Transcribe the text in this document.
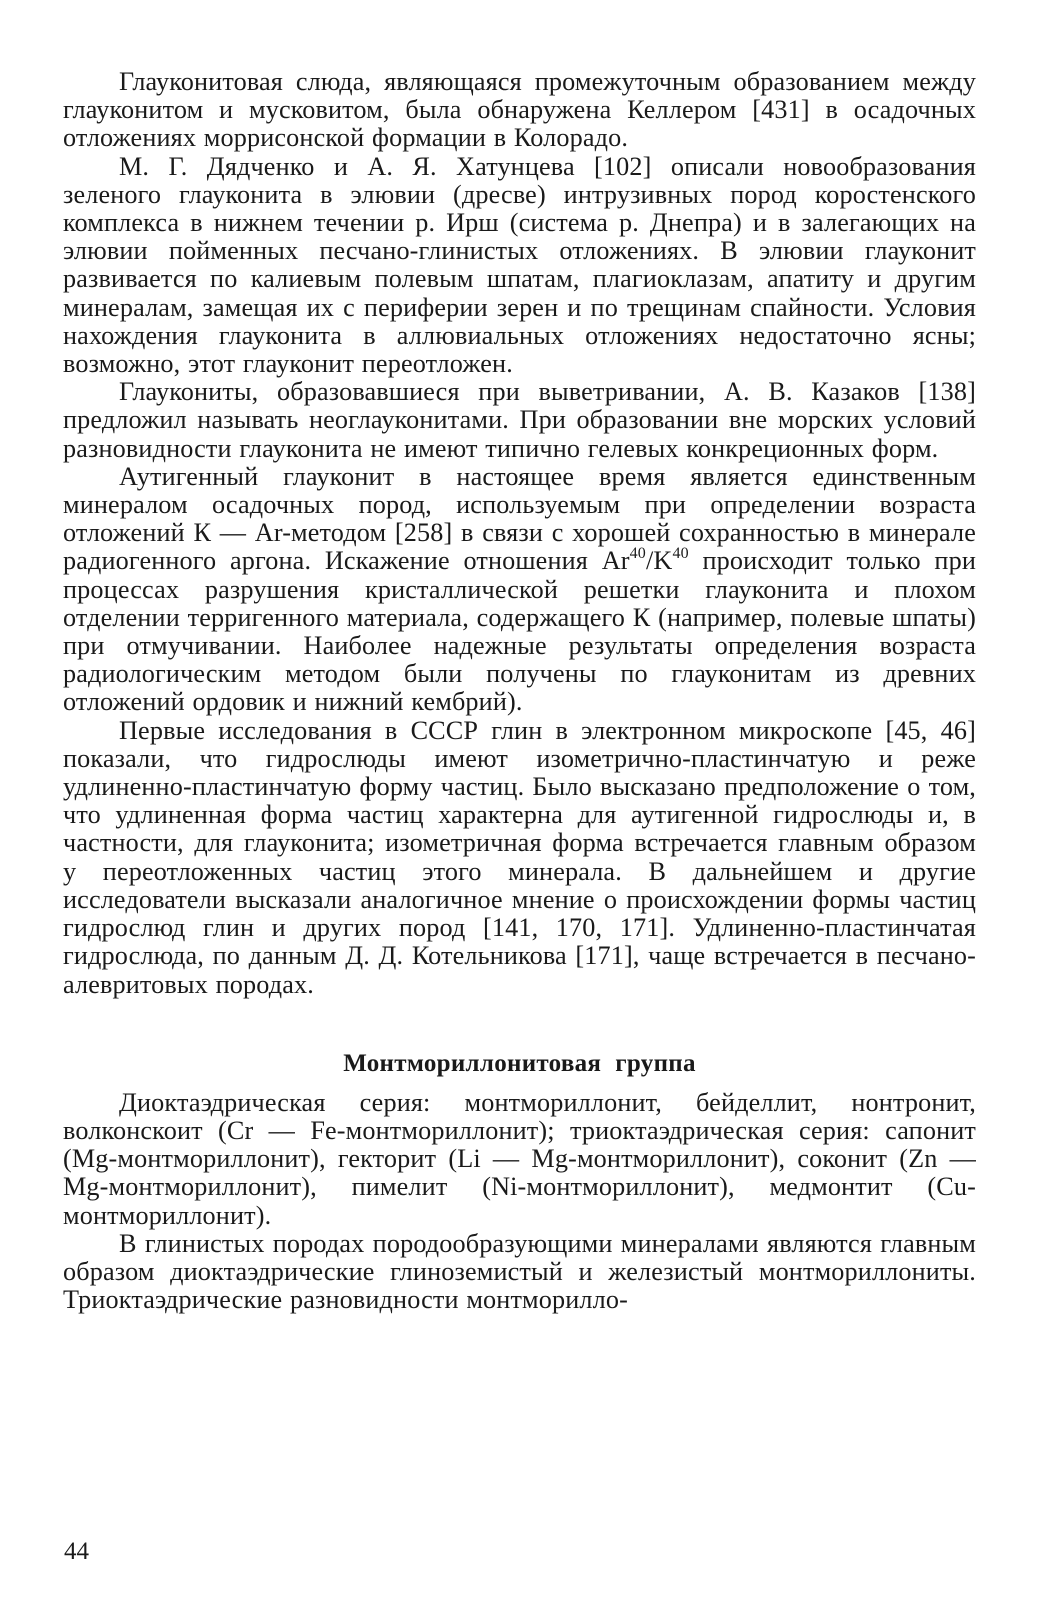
Глауконитовая слюда, являющаяся промежуточным образованием между глауконитом и мусковитом, была обнаружена Келлером [431] в осадочных отложениях моррисонской формации в Колорадо.

М. Г. Дядченко и А. Я. Хатунцева [102] описали новообразования зеленого глауконита в элювии (дресве) интрузивных пород коростенского комплекса в нижнем течении р. Ирш (система р. Днепра) и в залегающих на элювии пойменных песчано-глинистых отложениях. В элювии глауконит развивается по калиевым полевым шпатам, плагиоклазам, апатиту и другим минералам, замещая их с периферии зерен и по трещинам спайности. Условия нахождения глауконита в аллювиальных отложениях недостаточно ясны; возможно, этот глауконит переотложен.

Глаукониты, образовавшиеся при выветривании, А. В. Казаков [138] предложил называть неоглауконитами. При образовании вне морских условий разновидности глауконита не имеют типично гелевых конкреционных форм.

Аутигенный глауконит в настоящее время является единственным минералом осадочных пород, используемым при определении возраста отложений К — Ar-методом [258] в связи с хорошей сохранностью в минерале радиогенного аргона. Искажение отношения $Ar^{40}/K^{40}$ происходит только при процессах разрушения кристаллической решетки глауконита и плохом отделении терригенного материала, содержащего К (например, полевые шпаты) при отмучивании. Наиболее надежные результаты определения возраста радиологическим методом были получены по глауконитам из древних отложений ордовик и нижний кембрий).

Первые исследования в СССР глин в электронном микроскопе [45, 46] показали, что гидрослюды имеют изометрично-пластинчатую и реже удлиненно-пластинчатую форму частиц. Было высказано предположение о том, что удлиненная форма частиц характерна для аутигенной гидрослюды и, в частности, для глауконита; изометричная форма встречается главным образом у переотложенных частиц этого минерала. В дальнейшем и другие исследователи высказали аналогичное мнение о происхождении формы частиц гидрослюд глин и других пород [141, 170, 171]. Удлиненно-пластинчатая гидрослюда, по данным Д. Д. Котельникова [171], чаще встречается в песчано-алевритовых породах.

Монтмориллонитовая группа

Диоктаэдрическая серия: монтмориллонит, бейделлит, нонтронит, волконскоит (Cr — Fe-монтмориллонит); триоктаэдрическая серия: сапонит (Mg-монтмориллонит), гекторит (Li — Mg-монтмориллонит), соконит (Zn — Mg-монтмориллонит), пимелит (Ni-монтмориллонит), медмонтит (Cu-монтмориллонит).

В глинистых породах породообразующими минералами являются главным образом диоктаэдрические глиноземистый и железистый монтмориллониты. Триоктаэдрические разновидности монтморилло-

44
